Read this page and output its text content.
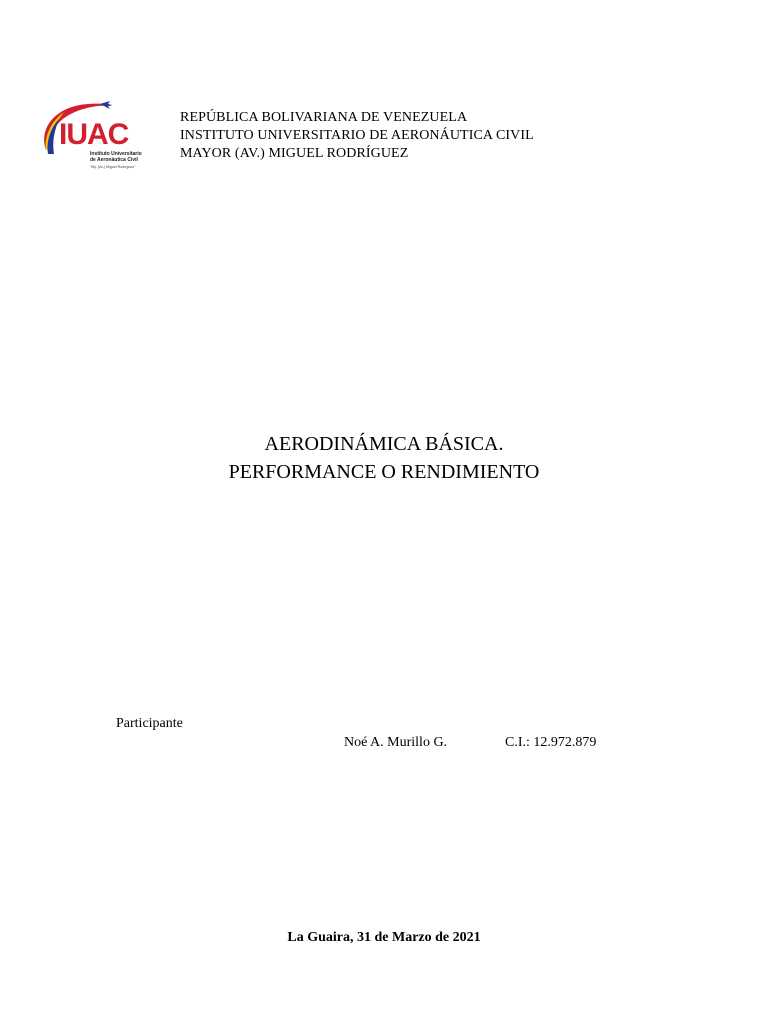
IUAC
Instituto Universitario
de Aeronáutica Civil
"My. (Av.) Miguel Rodríguez"
REPÚBLICA BOLIVARIANA DE VENEZUELA
INSTITUTO UNIVERSITARIO DE AERONÁUTICA CIVIL
MAYOR (AV.) MIGUEL RODRÍGUEZ
AERODINÁMICA BÁSICA.
PERFORMANCE O RENDIMIENTO
Participante
Noé A. Murillo G.	C.I.: 12.972.879
La Guaira, 31 de Marzo de 2021
